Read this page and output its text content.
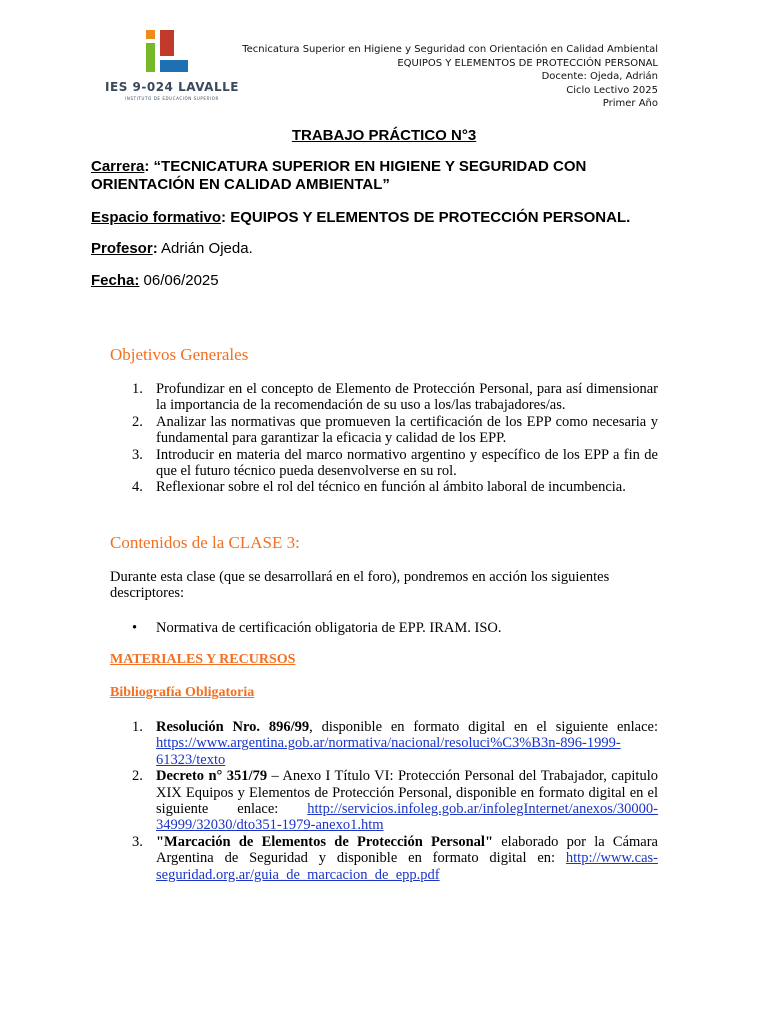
IES 9-024 LAVALLE
INSTITUTO DE EDUCACIÓN SUPERIOR
Tecnicatura Superior en Higiene y Seguridad con Orientación en Calidad Ambiental
EQUIPOS Y ELEMENTOS DE PROTECCIÓN PERSONAL
Docente: Ojeda, Adrián
Ciclo Lectivo 2025
Primer Año
TRABAJO PRÁCTICO N°3
Carrera: “TECNICATURA SUPERIOR EN HIGIENE Y SEGURIDAD CON ORIENTACIÓN EN CALIDAD AMBIENTAL”
Espacio formativo: EQUIPOS Y ELEMENTOS DE PROTECCIÓN PERSONAL.
Profesor: Adrián Ojeda.
Fecha: 06/06/2025
Objetivos Generales
1. Profundizar en el concepto de Elemento de Protección Personal, para así dimensionar la importancia de la recomendación de su uso a los/las trabajadores/as.
2. Analizar las normativas que promueven la certificación de los EPP como necesaria y fundamental para garantizar la eficacia y calidad de los EPP.
3. Introducir en materia del marco normativo argentino y específico de los EPP a fin de que el futuro técnico pueda desenvolverse en su rol.
4. Reflexionar sobre el rol del técnico en función al ámbito laboral de incumbencia.
Contenidos de la CLASE 3:
Durante esta clase (que se desarrollará en el foro), pondremos en acción los siguientes descriptores:
• Normativa de certificación obligatoria de EPP. IRAM. ISO.
MATERIALES Y RECURSOS
Bibliografía Obligatoria
1. Resolución Nro. 896/99, disponible en formato digital en el siguiente enlace: https://www.argentina.gob.ar/normativa/nacional/resoluci%C3%B3n-896-1999-61323/texto
2. Decreto n° 351/79 – Anexo I Título VI: Protección Personal del Trabajador, capitulo XIX Equipos y Elementos de Protección Personal, disponible en formato digital en el siguiente enlace: http://servicios.infoleg.gob.ar/infolegInternet/anexos/30000-34999/32030/dto351-1979-anexo1.htm
3. "Marcación de Elementos de Protección Personal" elaborado por la Cámara Argentina de Seguridad y disponible en formato digital en: http://www.cas-seguridad.org.ar/guia_de_marcacion_de_epp.pdf
